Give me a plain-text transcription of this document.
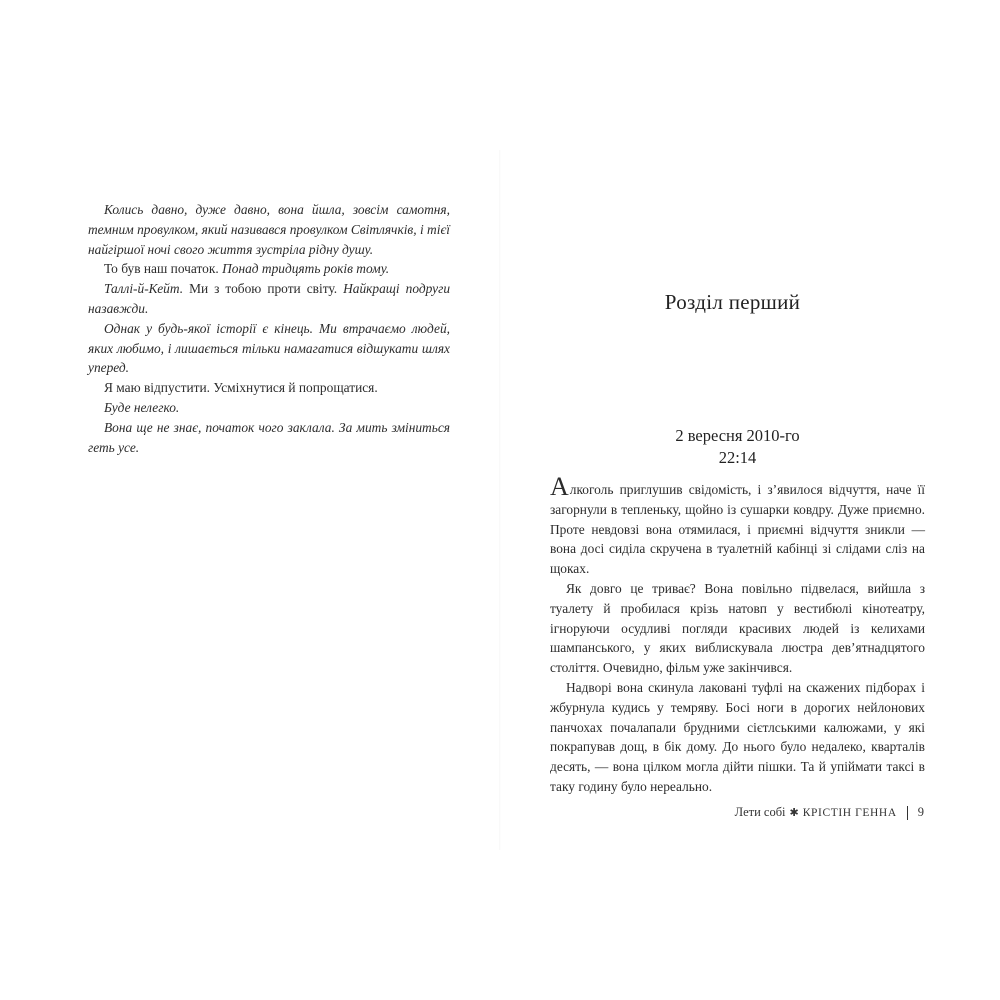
Колись давно, дуже давно, вона йшла, зовсім самотня, темним провулком, який називався провулком Світлячків, і тієї найгіршої ночі свого життя зустріла рідну душу.

То був наш початок. Понад тридцять років тому.

Таллі-й-Кейт. Ми з тобою проти світу. Найкращі подруги назавжди.

Однак у будь-якої історії є кінець. Ми втрачаємо людей, яких любимо, і лишається тільки намагатися відшукати шлях уперед.

Я маю відпустити. Усміхнутися й попрощатися.

Буде нелегко.

Вона ще не знає, початок чого заклала. За мить зміниться геть усе.

Розділ перший
2 вересня 2010-го
22:14

Алкоголь приглушив свідомість, і з’явилося відчуття, наче її загорнули в тепленьку, щойно із сушарки ковдру. Дуже приємно. Проте невдовзі вона отямилася, і приємні відчуття зникли — вона досі сиділа скручена в туалетній кабінці зі слідами сліз на щоках.

Як довго це триває? Вона повільно підвелася, вийшла з туалету й пробилася крізь натовп у вестибюлі кінотеатру, ігноруючи осудливі погляди красивих людей із келихами шампанського, у яких виблискувала люстра дев’ятнадцятого століття. Очевидно, фільм уже закінчився.

Надворі вона скинула лаковані туфлі на скажених підборах і жбурнула кудись у темряву. Босі ноги в дорогих нейлонових панчохах почалапали брудними сієтлськими калюжами, у які покрапував дощ, в бік дому. До нього було недалеко, кварталів десять, — вона цілком могла дійти пішки. Та й упіймати таксі в таку годину було нереально.

Лети собі ✱ КРІСТІН ГЕННА 9
